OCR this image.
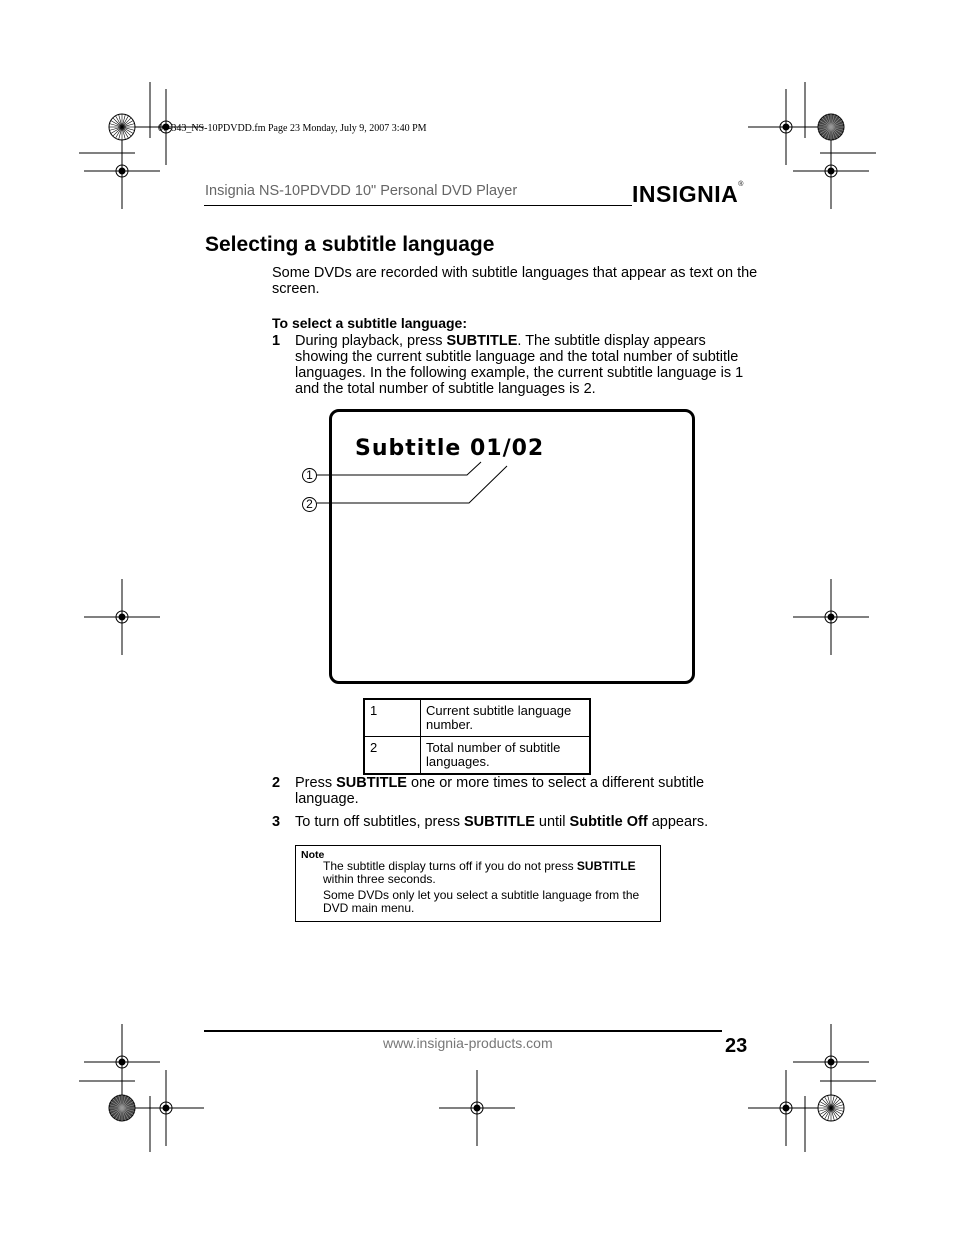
07-343_NS-10PDVDD.fm Page 23 Monday, July 9, 2007 3:40 PM
Insignia NS-10PDVDD 10" Personal DVD Player	INSIGNIA®
Selecting a subtitle language
Some DVDs are recorded with subtitle languages that appear as text on the screen.
To select a subtitle language:
1 During playback, press SUBTITLE. The subtitle display appears showing the current subtitle language and the total number of subtitle languages. In the following example, the current subtitle language is 1 and the total number of subtitle languages is 2.
Subtitle 01/02
1
2
1	Current subtitle language number.
2	Total number of subtitle languages.
2 Press SUBTITLE one or more times to select a different subtitle language.
3 To turn off subtitles, press SUBTITLE until Subtitle Off appears.
Note
The subtitle display turns off if you do not press SUBTITLE within three seconds.
Some DVDs only let you select a subtitle language from the DVD main menu.
www.insignia-products.com	23
